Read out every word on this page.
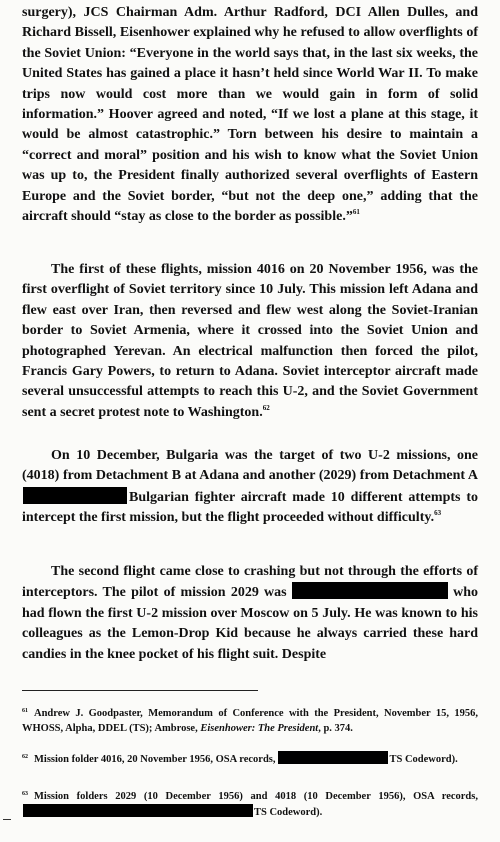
surgery), JCS Chairman Adm. Arthur Radford, DCI Allen Dulles, and Richard Bissell, Eisenhower explained why he refused to allow overflights of the Soviet Union: “Everyone in the world says that, in the last six weeks, the United States has gained a place it hasn’t held since World War II. To make trips now would cost more than we would gain in form of solid information.” Hoover agreed and noted, “If we lost a plane at this stage, it would be almost catastrophic.” Torn between his desire to maintain a “correct and moral” position and his wish to know what the Soviet Union was up to, the President finally authorized several overflights of Eastern Europe and the Soviet border, “but not the deep one,” adding that the aircraft should “stay as close to the border as possible.”$^{61}$

The first of these flights, mission 4016 on 20 November 1956, was the first overflight of Soviet territory since 10 July. This mission left Adana and flew east over Iran, then reversed and flew west along the Soviet-Iranian border to Soviet Armenia, where it crossed into the Soviet Union and photographed Yerevan. An electrical malfunction then forced the pilot, Francis Gary Powers, to return to Adana. Soviet interceptor aircraft made several unsuccessful attempts to reach this U-2, and the Soviet Government sent a secret protest note to Washington.$^{62}$

On 10 December, Bulgaria was the target of two U-2 missions, one (4018) from Detachment B at Adana and another (2029) from Detachment ABulgarian fighter aircraft made 10 different attempts to intercept the first mission, but the flight proceeded without difficulty.$^{63}$

The second flight came close to crashing but not through the efforts of interceptors. The pilot of mission 2029 was	who had flown the first U-2 mission over Moscow on 5 July. He was known to his colleagues as the Lemon-Drop Kid because he always carried these hard candies in the knee pocket of his flight suit. Despite

$^{61}$ Andrew J. Goodpaster, Memorandum of Conference with the President, November 15, 1956, WHOSS, Alpha, DDEL (TS); Ambrose, Eisenhower: The President, p. 374.

$^{62}$ Mission folder 4016, 20 November 1956, OSA records,	TS Codeword).

$^{63}$ Mission folders 2029 (10 December 1956) and 4018 (10 December 1956), OSA records,TS Codeword).
